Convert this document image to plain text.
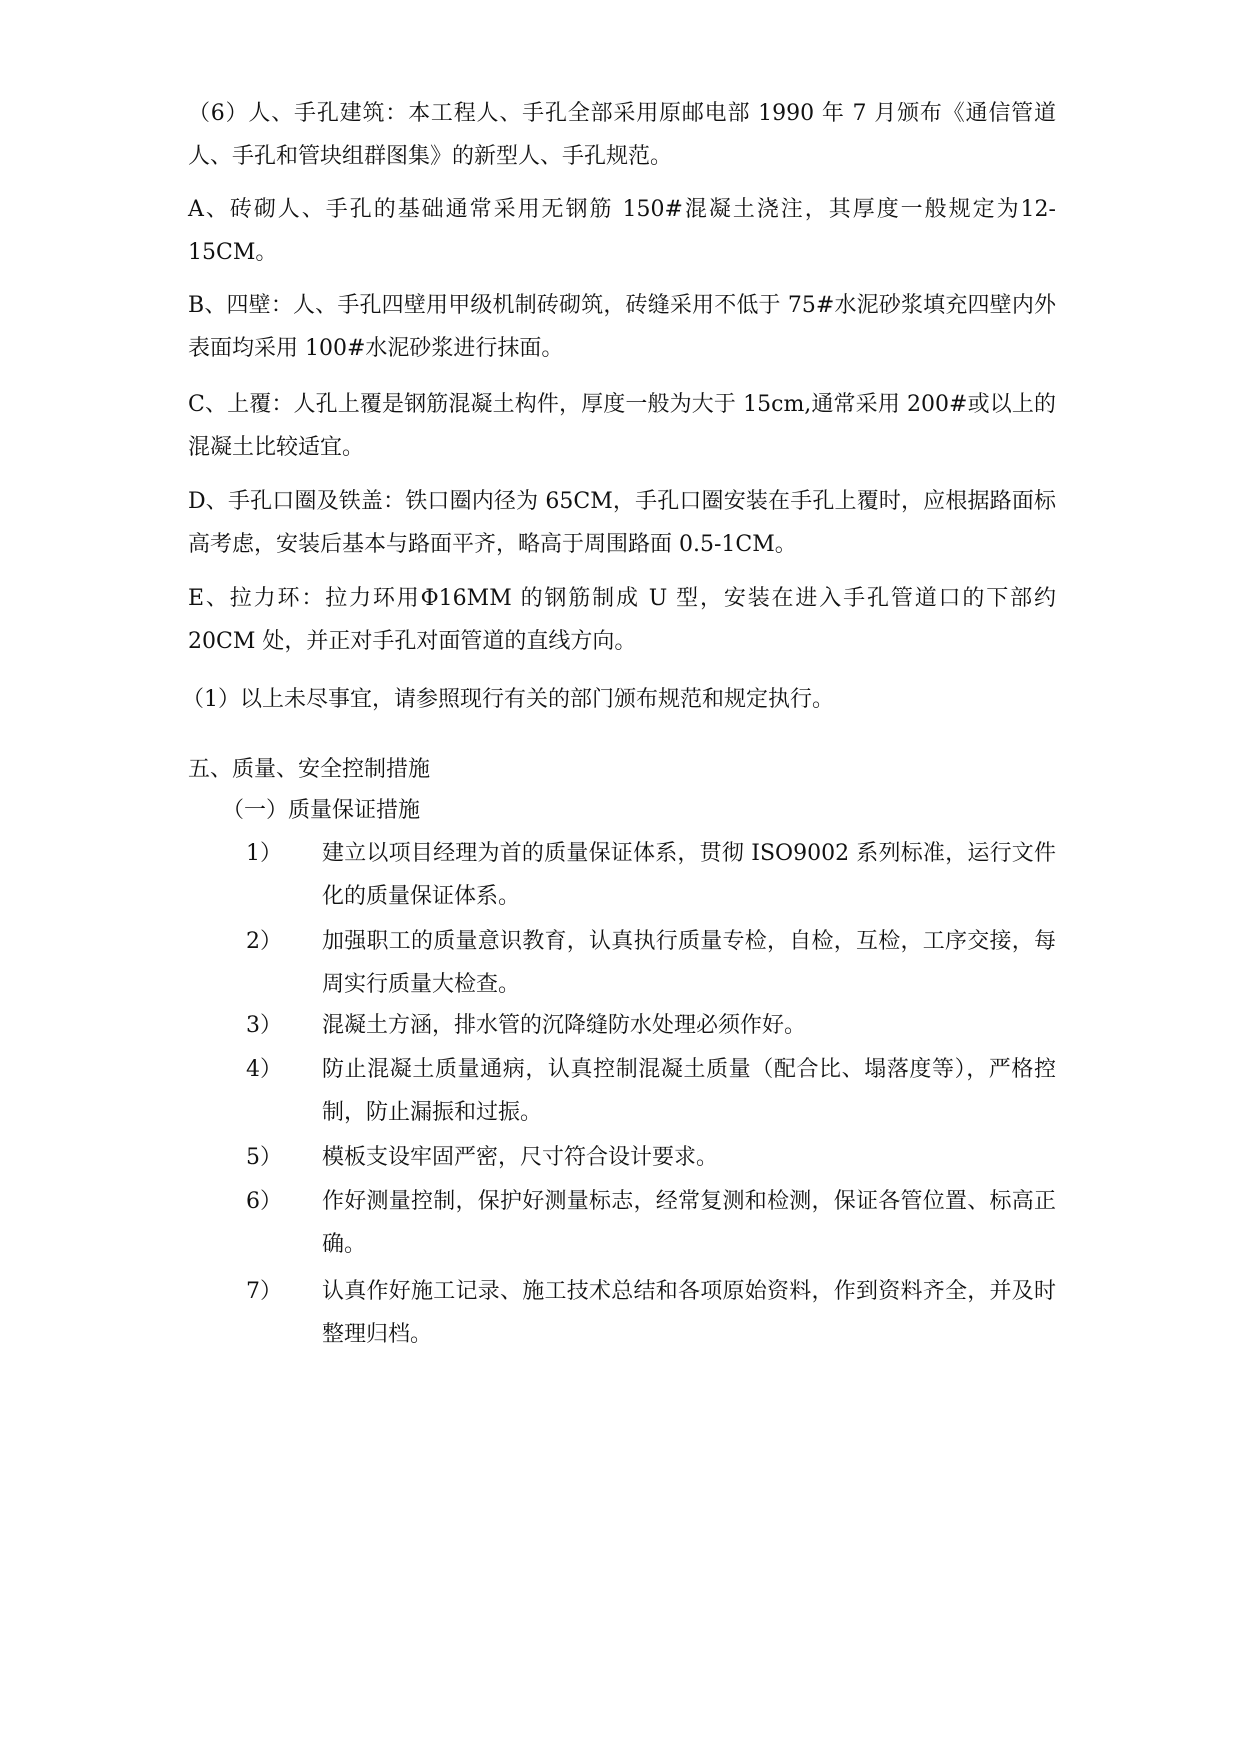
（6）人、手孔建筑：本工程人、手孔全部采用原邮电部 1990 年 7 月颁布《通信管道人、手孔和管块组群图集》的新型人、手孔规范。

A、砖砌人、手孔的基础通常采用无钢筋 150#混凝土浇注，其厚度一般规定为12-15CM。

B、四壁：人、手孔四壁用甲级机制砖砌筑，砖缝采用不低于 75#水泥砂浆填充四壁内外表面均采用 100#水泥砂浆进行抹面。

C、上覆：人孔上覆是钢筋混凝土构件，厚度一般为大于 15cm,通常采用 200#或以上的混凝土比较适宜。

D、手孔口圈及铁盖：铁口圈内径为 65CM，手孔口圈安装在手孔上覆时，应根据路面标高考虑，安装后基本与路面平齐，略高于周围路面 0.5-1CM。

E、拉力环：拉力环用Φ16MM 的钢筋制成 U 型，安装在进入手孔管道口的下部约 20CM 处，并正对手孔对面管道的直线方向。

（1）以上未尽事宜，请参照现行有关的部门颁布规范和规定执行。

五、质量、安全控制措施

（一）质量保证措施

1） 建立以项目经理为首的质量保证体系，贯彻 ISO9002 系列标准，运行文件化的质量保证体系。
2） 加强职工的质量意识教育，认真执行质量专检，自检，互检，工序交接，每周实行质量大检查。
3） 混凝土方涵，排水管的沉降缝防水处理必须作好。
4） 防止混凝土质量通病，认真控制混凝土质量（配合比、塌落度等），严格控制，防止漏振和过振。
5） 模板支设牢固严密，尺寸符合设计要求。
6） 作好测量控制，保护好测量标志，经常复测和检测，保证各管位置、标高正确。
7） 认真作好施工记录、施工技术总结和各项原始资料，作到资料齐全，并及时整理归档。
